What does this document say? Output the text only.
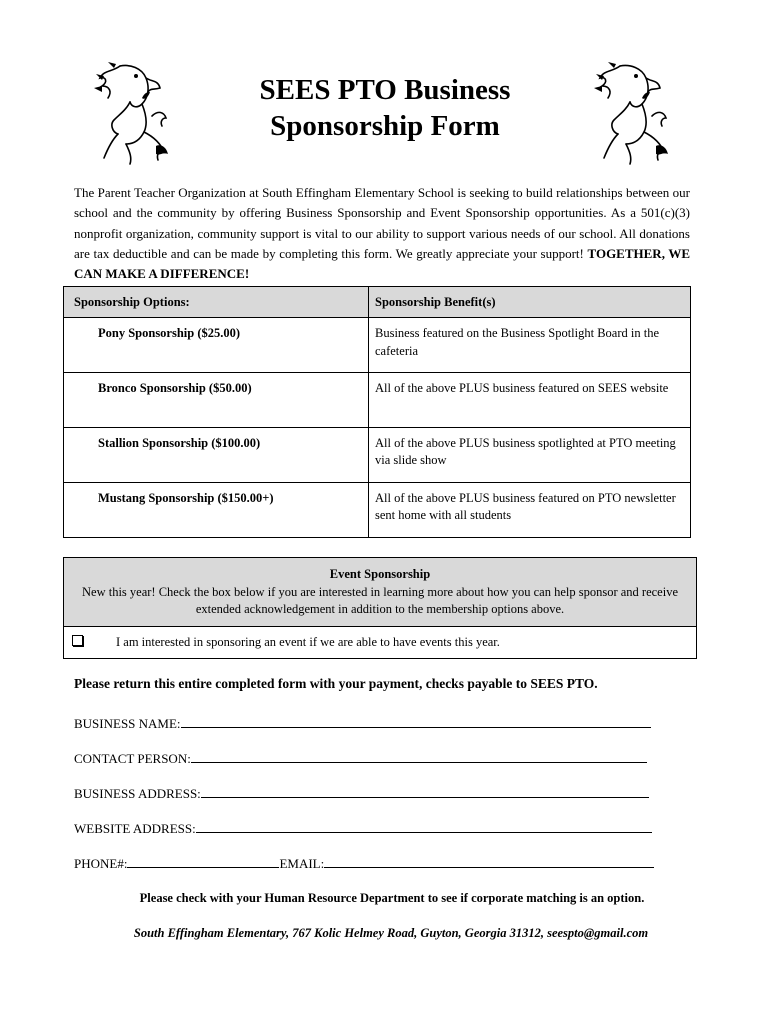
SEES PTO Business
Sponsorship Form
The Parent Teacher Organization at South Effingham Elementary School is seeking to build relationships between our school and the community by offering Business Sponsorship and Event Sponsorship opportunities. As a 501(c)(3) nonprofit organization, community support is vital to our ability to support various needs of our school. All donations are tax deductible and can be made by completing this form. We greatly appreciate your support! TOGETHER, WE CAN MAKE A DIFFERENCE!
Sponsorship Options:	Sponsorship Benefit(s)

Pony Sponsorship ($25.00)	Business featured on the Business Spotlight Board in the cafeteria

Bronco Sponsorship ($50.00)	All of the above PLUS business featured on SEES website

Stallion Sponsorship ($100.00)	All of the above PLUS business spotlighted at PTO meeting via slide show

Mustang Sponsorship ($150.00+)	All of the above PLUS business featured on PTO newsletter sent home with all students
Event Sponsorship
New this year! Check the box below if you are interested in learning more about how you can help sponsor and receive extended acknowledgement in addition to the membership options above.
I am interested in sponsoring an event if we are able to have events this year.
Please return this entire completed form with your payment, checks payable to SEES PTO.
BUSINESS NAME:
CONTACT PERSON:
BUSINESS ADDRESS:
WEBSITE ADDRESS:
PHONE#:	EMAIL:
Please check with your Human Resource Department to see if corporate matching is an option.
South Effingham Elementary, 767 Kolic Helmey Road, Guyton, Georgia 31312, seespto@gmail.com
